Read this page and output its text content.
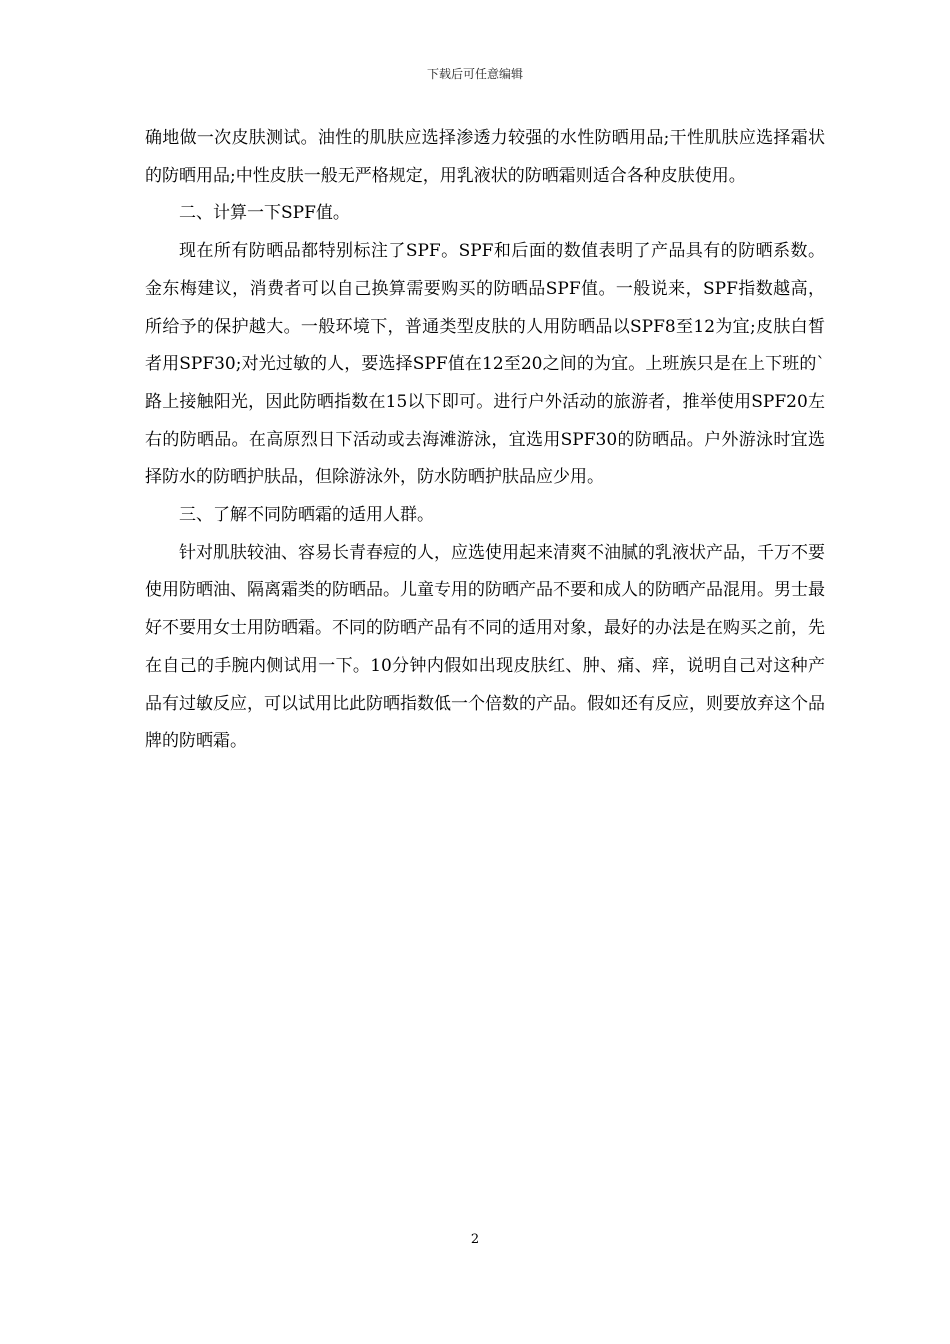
下载后可任意编辑

确地做一次皮肤测试。油性的肌肤应选择渗透力较强的水性防晒用品;干性肌肤应选择霜状的防晒用品;中性皮肤一般无严格规定，用乳液状的防晒霜则适合各种皮肤使用。

二、计算一下SPF值。

现在所有防晒品都特别标注了SPF。SPF和后面的数值表明了产品具有的防晒系数。金东梅建议，消费者可以自己换算需要购买的防晒品SPF值。一般说来，SPF指数越高，所给予的保护越大。一般环境下，普通类型皮肤的人用防晒品以SPF8至12为宜;皮肤白皙者用SPF30;对光过敏的人，要选择SPF值在12至20之间的为宜。上班族只是在上下班的`路上接触阳光，因此防晒指数在15以下即可。进行户外活动的旅游者，推举使用SPF20左右的防晒品。在高原烈日下活动或去海滩游泳，宜选用SPF30的防晒品。户外游泳时宜选择防水的防晒护肤品，但除游泳外，防水防晒护肤品应少用。

三、了解不同防晒霜的适用人群。

针对肌肤较油、容易长青春痘的人，应选使用起来清爽不油腻的乳液状产品，千万不要使用防晒油、隔离霜类的防晒品。儿童专用的防晒产品不要和成人的防晒产品混用。男士最好不要用女士用防晒霜。不同的防晒产品有不同的适用对象，最好的办法是在购买之前，先在自己的手腕内侧试用一下。10分钟内假如出现皮肤红、肿、痛、痒，说明自己对这种产品有过敏反应，可以试用比此防晒指数低一个倍数的产品。假如还有反应，则要放弃这个品牌的防晒霜。

2
